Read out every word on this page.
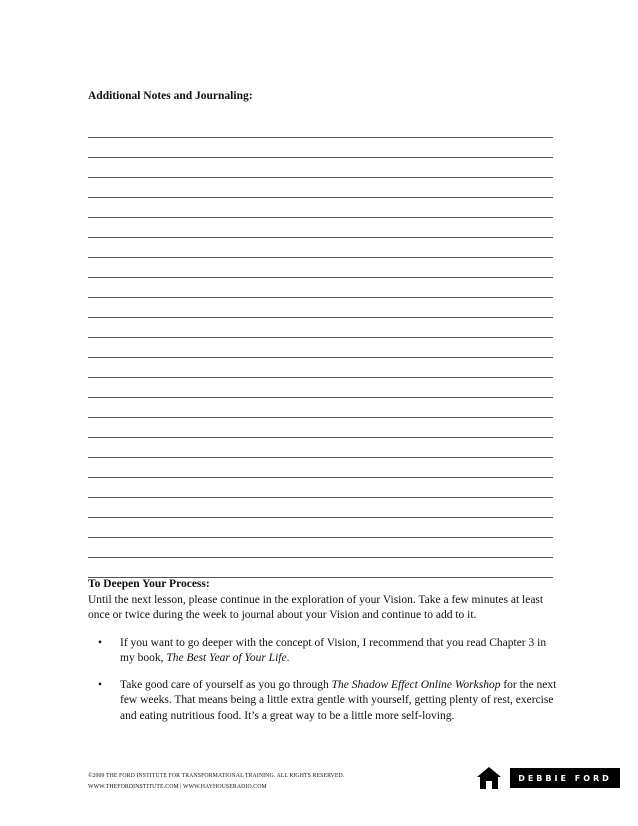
Additional Notes and Journaling:
To Deepen Your Process:

Until the next lesson, please continue in the exploration of your Vision. Take a few minutes at least once or twice during the week to journal about your Vision and continue to add to it.

• If you want to go deeper with the concept of Vision, I recommend that you read Chapter 3 in my book, The Best Year of Your Life.
• Take good care of yourself as you go through The Shadow Effect Online Workshop for the next few weeks. That means being a little extra gentle with yourself, getting plenty of rest, exercise and eating nutritious food. It’s a great way to be a little more self-loving.
©2009 THE FORD INSTITUTE FOR TRANSFORMATIONAL TRAINING. ALL RIGHTS RESERVED.
WWW.THEFORDINSTITUTE.COM | WWW.HAYHOUSERADIO.COM
DEBBIE FORD
